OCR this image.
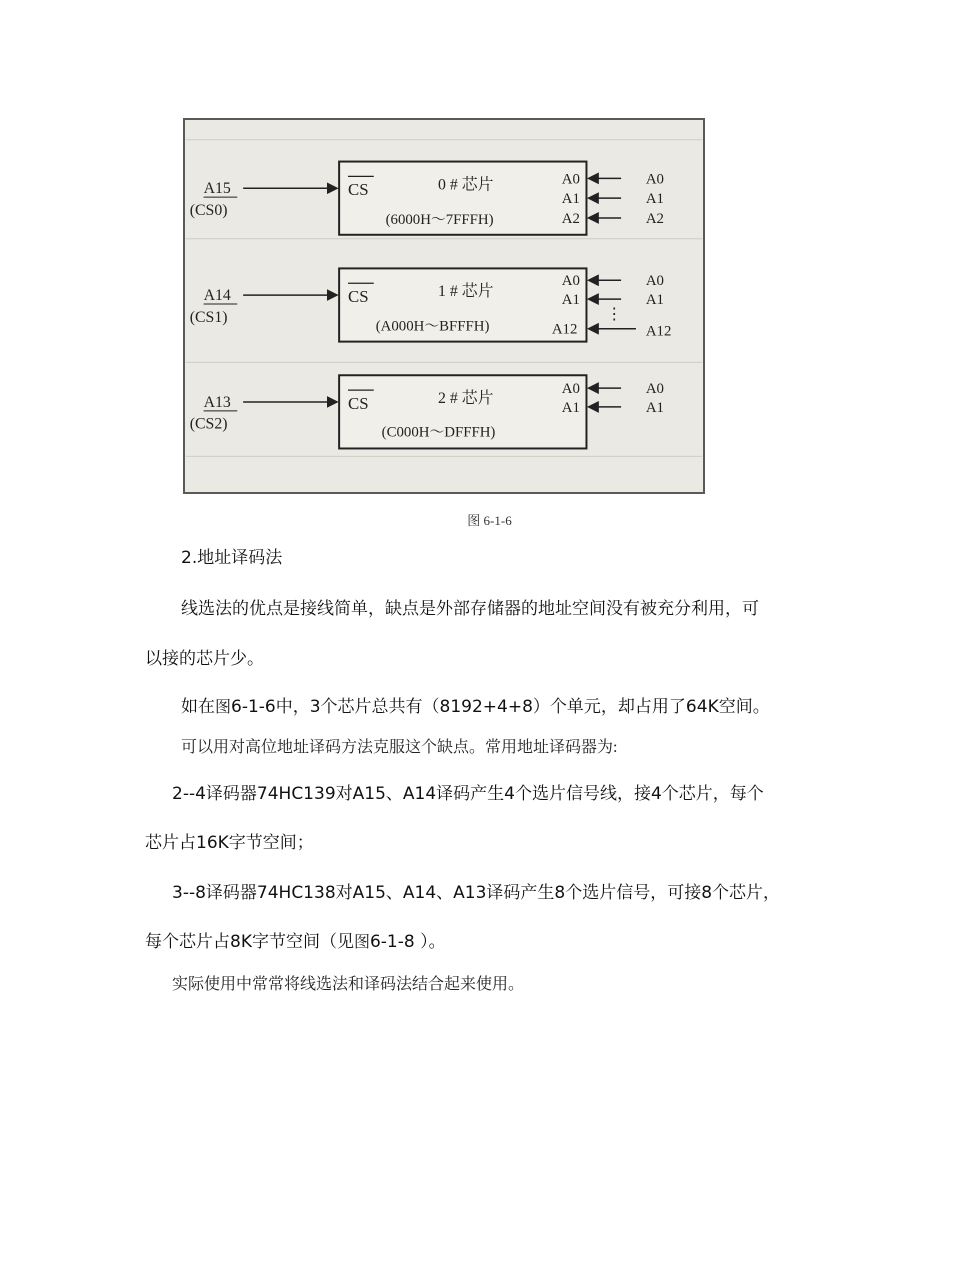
CS	0 # 芯片
(6000H～7FFFH)
A0
A1
A2
A0
A1
A2
A15
(CS0)
CS	1 # 芯片
(A000H～BFFFH)
A0
A1
A12
⋮
A0
A1
A12
A14
(CS1)
CS	2 # 芯片
(C000H～DFFFH)
A0
A1
A0
A1
A13
(CS2)
图 6-1-6
2.地址译码法
线选法的优点是接线简单，缺点是外部存储器的地址空间没有被充分利用，可
以接的芯片少。
如在图6-1-6中，3个芯片总共有（8192+4+8）个单元，却占用了64K空间。
可以用对高位地址译码方法克服这个缺点。常用地址译码器为:
2--4译码器74HC139对A15、A14译码产生4个选片信号线，接4个芯片，每个
芯片占16K字节空间；
3--8译码器74HC138对A15、A14、A13译码产生8个选片信号，可接8个芯片，
每个芯片占8K字节空间（见图6-1-8 ）。
实际使用中常常将线选法和译码法结合起来使用。
